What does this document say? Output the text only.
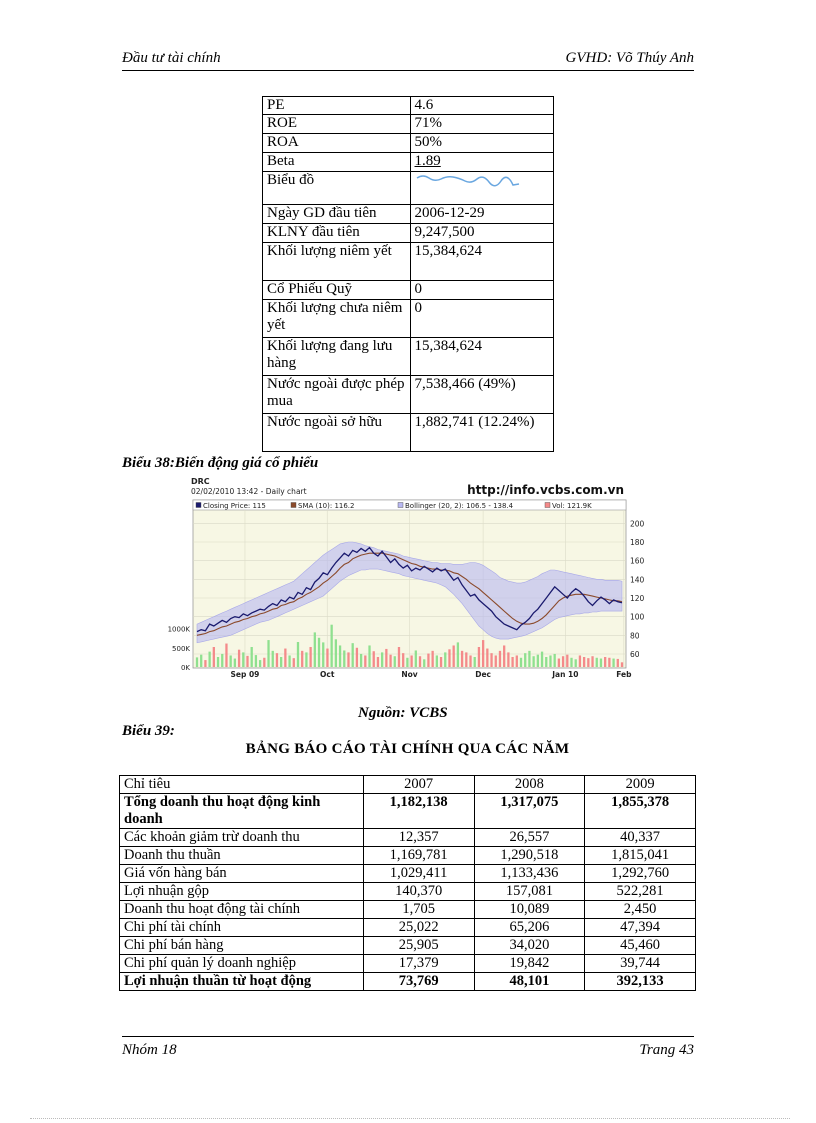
Đầu tư tài chính	GVHD: Võ Thúy Anh
PE	4.6
ROE	71%
ROA	50%
Beta	1.89
Biểu đồ	
Ngày GD đầu tiên	2006-12-29
KLNY đầu tiên	9,247,500
Khối lượng niêm yết	15,384,624
Cổ Phiếu Quỹ	0
Khối lượng chưa niêm yết	0
Khối lượng đang lưu hàng	15,384,624
Nước ngoài được phép mua	7,538,466 (49%)
Nước ngoài sở hữu	1,882,741 (12.24%)
Biểu 38:Biến động giá cổ phiếu
DRC
02/02/2010 13:42 - Daily chart	http://info.vcbs.com.vn
Closing Price: 115	SMA (10): 116.2	Bollinger (20, 2): 106.5 - 138.4	Vol: 121.9K
200
180
160
140
120
100
80
60
Sep 09	Oct	Nov	Dec	Jan 10	Feb
1000K
500K
0K
Nguồn: VCBS
Biểu 39:
BẢNG BÁO CÁO TÀI CHÍNH QUA CÁC NĂM
Chỉ tiêu	2007	2008	2009
Tổng doanh thu hoạt động kinh doanh	1,182,138	1,317,075	1,855,378
Các khoản giảm trừ doanh thu	12,357	26,557	40,337
Doanh thu thuần	1,169,781	1,290,518	1,815,041
Giá vốn hàng bán	1,029,411	1,133,436	1,292,760
Lợi nhuận gộp	140,370	157,081	522,281
Doanh thu hoạt động tài chính	1,705	10,089	2,450
Chi phí tài chính	25,022	65,206	47,394
Chi phí bán hàng	25,905	34,020	45,460
Chi phí quản lý doanh nghiệp	17,379	19,842	39,744
Lợi nhuận thuần từ hoạt động	73,769	48,101	392,133
Nhóm 18	Trang 43
